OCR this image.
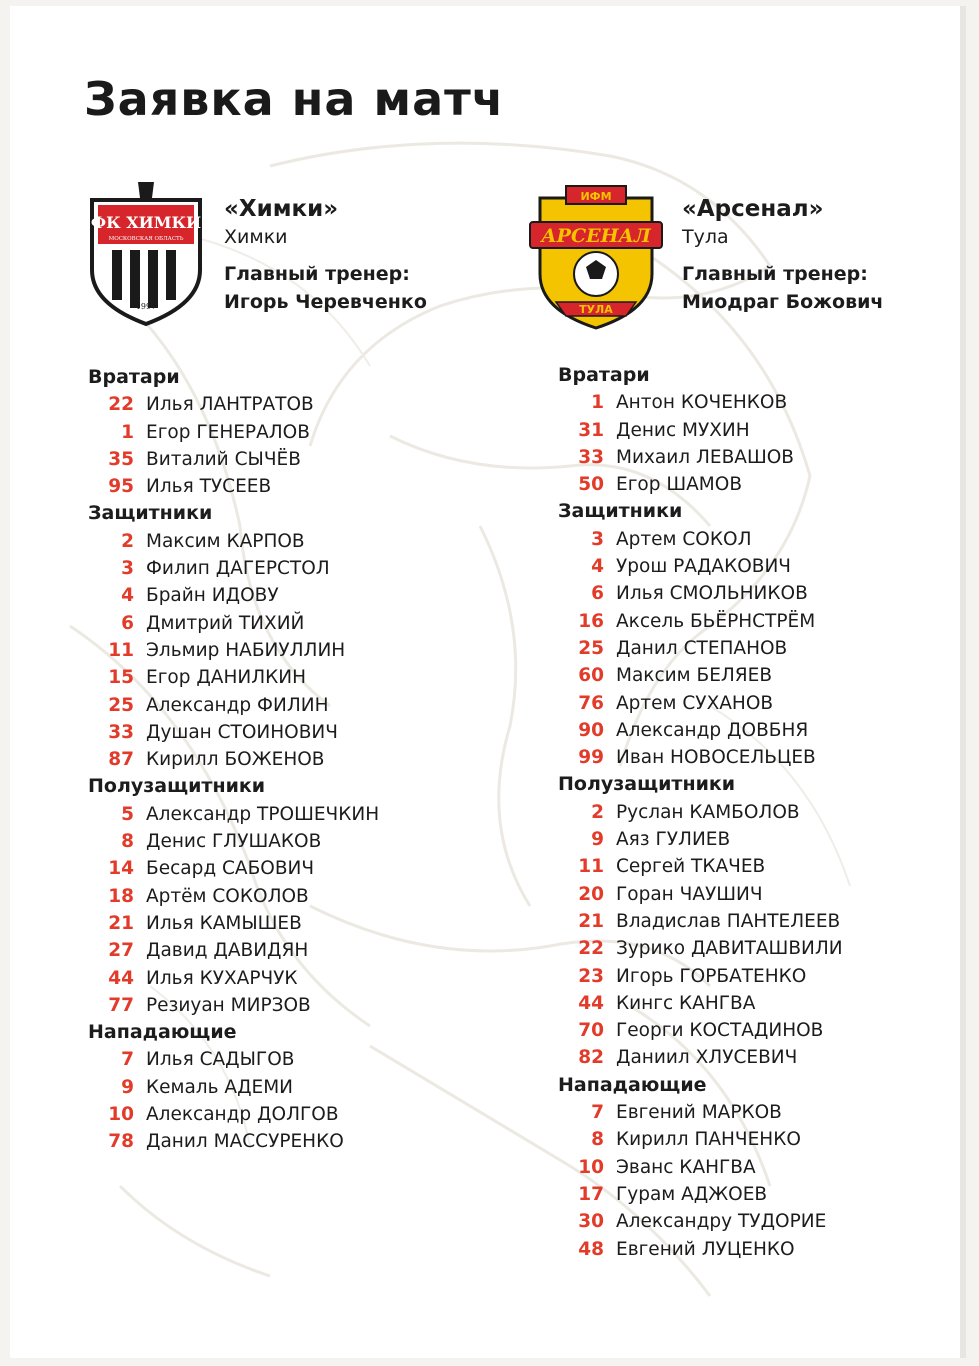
Заявка на матч
ФК ХИМКИ
МОСКОВСКАЯ ОБЛАСТЬ
1997

«Химки»

Химки

Главный тренер:

Игорь Черевченко

ИФМ
АРСЕНАЛ
ТУЛА

«Арсенал»

Тула

Главный тренер:

Миодраг Божович

Вратари
22 Илья ЛАНТРАТОВ
1 Егор ГЕНЕРАЛОВ
35 Виталий СЫЧЁВ
95 Илья ТУСЕЕВ
Защитники
2 Максим КАРПОВ
3 Филип ДАГЕРСТОЛ
4 Брайн ИДОВУ
6 Дмитрий ТИХИЙ
11 Эльмир НАБИУЛЛИН
15 Егор ДАНИЛКИН
25 Александр ФИЛИН
33 Душан СТОИНОВИЧ
87 Кирилл БОЖЕНОВ
Полузащитники
5 Александр ТРОШЕЧКИН
8 Денис ГЛУШАКОВ
14 Бесард САБОВИЧ
18 Артём СОКОЛОВ
21 Илья КАМЫШЕВ
27 Давид ДАВИДЯН
44 Илья КУХАРЧУК
77 Резиуан МИРЗОВ
Нападающие
7 Илья САДЫГОВ
9 Кемаль АДЕМИ
10 Александр ДОЛГОВ
78 Данил МАССУРЕНКО
Вратари
1 Антон КОЧЕНКОВ
31 Денис МУХИН
33 Михаил ЛЕВАШОВ
50 Егор ШАМОВ
Защитники
3 Артем СОКОЛ
4 Урош РАДАКОВИЧ
6 Илья СМОЛЬНИКОВ
16 Аксель БЬЁРНСТРЁМ
25 Данил СТЕПАНОВ
60 Максим БЕЛЯЕВ
76 Артем СУХАНОВ
90 Александр ДОВБНЯ
99 Иван НОВОСЕЛЬЦЕВ
Полузащитники
2 Руслан КАМБОЛОВ
9 Аяз ГУЛИЕВ
11 Сергей ТКАЧЕВ
20 Горан ЧАУШИЧ
21 Владислав ПАНТЕЛЕЕВ
22 Зурико ДАВИТАШВИЛИ
23 Игорь ГОРБАТЕНКО
44 Кингс КАНГВА
70 Георги КОСТАДИНОВ
82 Даниил ХЛУСЕВИЧ
Нападающие
7 Евгений МАРКОВ
8 Кирилл ПАНЧЕНКО
10 Эванс КАНГВА
17 Гурам АДЖОЕВ
30 Александру ТУДОРИЕ
48 Евгений ЛУЦЕНКО
